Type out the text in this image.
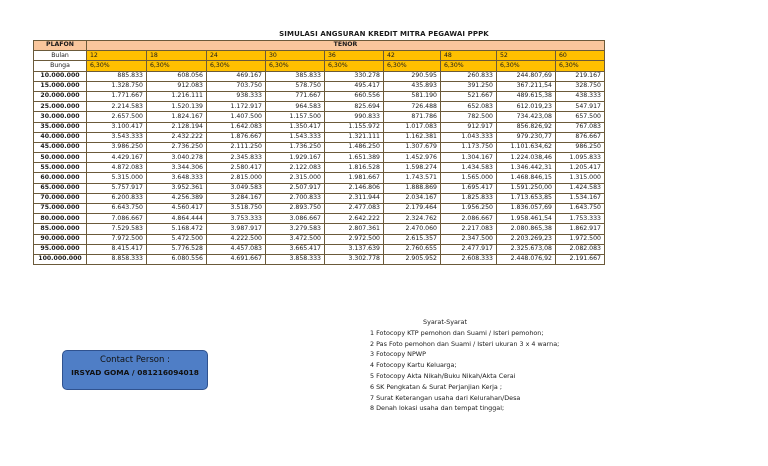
SIMULASI ANGSURAN KREDIT MITRA PEGAWAI PPPK
PLAFON	TENOR								
Bulan	12	18	24	30	36	42	48	52	60
Bunga	6,30%	6,30%	6,30%	6,30%	6,30%	6,30%	6,30%	6,30%	6,30%
10.000.000	885.833	608.056	469.167	385.833	330.278	290.595	260.833	244.807,69	219.167
15.000.000	1.328.750	912.083	703.750	578.750	495.417	435.893	391.250	367.211,54	328.750
20.000.000	1.771.667	1.216.111	938.333	771.667	660.556	581.190	521.667	489.615,38	438.333
25.000.000	2.214.583	1.520.139	1.172.917	964.583	825.694	726.488	652.083	612.019,23	547.917
30.000.000	2.657.500	1.824.167	1.407.500	1.157.500	990.833	871.786	782.500	734.423,08	657.500
35.000.000	3.100.417	2.128.194	1.642.083	1.350.417	1.155.972	1.017.083	912.917	856.826,92	767.083
40.000.000	3.543.333	2.432.222	1.876.667	1.543.333	1.321.111	1.162.381	1.043.333	979.230,77	876.667
45.000.000	3.986.250	2.736.250	2.111.250	1.736.250	1.486.250	1.307.679	1.173.750	1.101.634,62	986.250
50.000.000	4.429.167	3.040.278	2.345.833	1.929.167	1.651.389	1.452.976	1.304.167	1.224.038,46	1.095.833
55.000.000	4.872.083	3.344.306	2.580.417	2.122.083	1.816.528	1.598.274	1.434.583	1.346.442,31	1.205.417
60.000.000	5.315.000	3.648.333	2.815.000	2.315.000	1.981.667	1.743.571	1.565.000	1.468.846,15	1.315.000
65.000.000	5.757.917	3.952.361	3.049.583	2.507.917	2.146.806	1.888.869	1.695.417	1.591.250,00	1.424.583
70.000.000	6.200.833	4.256.389	3.284.167	2.700.833	2.311.944	2.034.167	1.825.833	1.713.653,85	1.534.167
75.000.000	6.643.750	4.560.417	3.518.750	2.893.750	2.477.083	2.179.464	1.956.250	1.836.057,69	1.643.750
80.000.000	7.086.667	4.864.444	3.753.333	3.086.667	2.642.222	2.324.762	2.086.667	1.958.461,54	1.753.333
85.000.000	7.529.583	5.168.472	3.987.917	3.279.583	2.807.361	2.470.060	2.217.083	2.080.865,38	1.862.917
90.000.000	7.972.500	5.472.500	4.222.500	3.472.500	2.972.500	2.615.357	2.347.500	2.203.269,23	1.972.500
95.000.000	8.415.417	5.776.528	4.457.083	3.665.417	3.137.639	2.760.655	2.477.917	2.325.673,08	2.082.083
100.000.000	8.858.333	6.080.556	4.691.667	3.858.333	3.302.778	2.905.952	2.608.333	2.448.076,92	2.191.667
Contact Person :
IRSYAD GOMA / 081216094018
Syarat-Syarat
1 Fotocopy KTP pemohon dan Suami / Isteri pemohon;
2 Pas Foto pemohon dan Suami / Isteri ukuran 3 x 4 warna;
3 Fotocopy NPWP
4 Fotocopy Kartu Keluarga;
5 Fotocopy Akta Nikah/Buku Nikah/Akta Cerai
6 SK Pengkatan & Surat Perjanjian Kerja ;
7 Surat Keterangan usaha dari Kelurahan/Desa
8 Denah lokasi usaha dan tempat tinggal;
